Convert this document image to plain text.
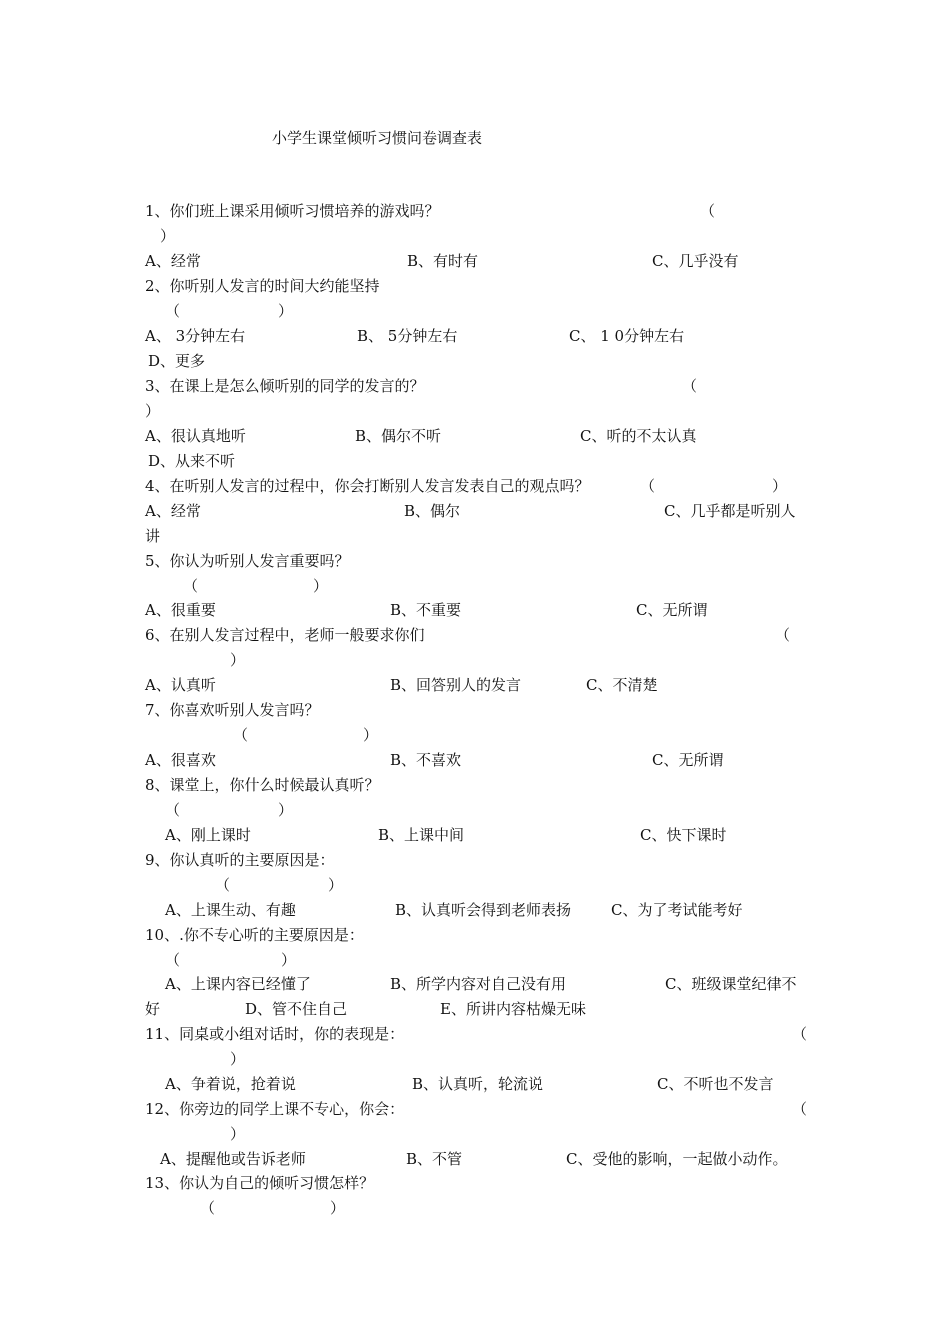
小学生课堂倾听习惯问卷调查表
1、你们班上课采用倾听习惯培养的游戏吗？	（
）
A、经常	B、有时有	C、几乎没有
2、你听别人发言的时间大约能坚持
（	）
A、 3分钟左右	B、 5分钟左右	C、 1 0分钟左右
D、更多
3、在课上是怎么倾听别的同学的发言的？	（
）
A、很认真地听	B、偶尔不听	C、听的不太认真
D、从来不听
4、在听别人发言的过程中，你会打断别人发言发表自己的观点吗？	（	）
A、经常	B、偶尔	C、几乎都是听别人
讲
5、你认为听别人发言重要吗？
（	）
A、很重要	B、不重要	C、无所谓
6、在别人发言过程中，老师一般要求你们	（
）
A、认真听	B、回答别人的发言	C、不清楚
7、你喜欢听别人发言吗？
（	）
A、很喜欢	B、不喜欢	C、无所谓
8、课堂上，你什么时候最认真听？
（	）
A、刚上课时	B、上课中间	C、快下课时
9、你认真听的主要原因是：
（	）
A、上课生动、有趣	B、认真听会得到老师表扬	C、为了考试能考好
10、.你不专心听的主要原因是：
（	）
A、上课内容已经懂了	B、所学内容对自己没有用	C、班级课堂纪律不
好	D、管不住自己	E、所讲内容枯燥无味
11、同桌或小组对话时，你的表现是：	（
）
A、争着说，抢着说	B、认真听，轮流说	C、不听也不发言
12、你旁边的同学上课不专心，你会：	（
）
A、提醒他或告诉老师	B、不管	C、受他的影响，一起做小动作。
13、你认为自己的倾听习惯怎样？
（	）
